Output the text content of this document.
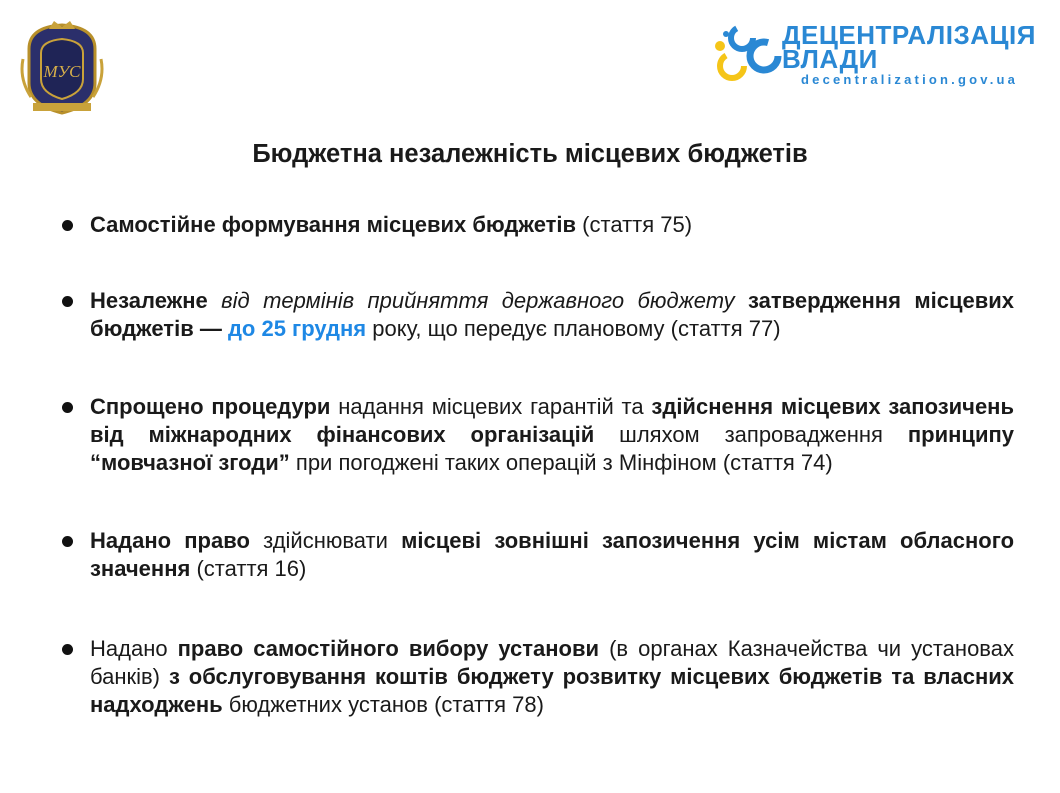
МУС
ДЕЦЕНТРАЛІЗАЦІЯ
ВЛАДИ
decentralization.gov.ua
Бюджетна незалежність місцевих бюджетів
Самостійне формування місцевих бюджетів (стаття 75)
Незалежне від термінів прийняття державного бюджету затвердження місцевих бюджетів — до 25 грудня року, що передує плановому (стаття 77)
Спрощено процедури надання місцевих гарантій та здійснення місцевих запозичень від міжнародних фінансових організацій шляхом запровадження принципу “мовчазної згоди” при погоджені таких операцій з Мінфіном (стаття 74)
Надано право здійснювати місцеві зовнішні запозичення усім містам обласного значення (стаття 16)
Надано право самостійного вибору установи (в органах Казначейства чи установах банків) з обслуговування коштів бюджету розвитку місцевих бюджетів та власних надходжень бюджетних установ (стаття 78)
